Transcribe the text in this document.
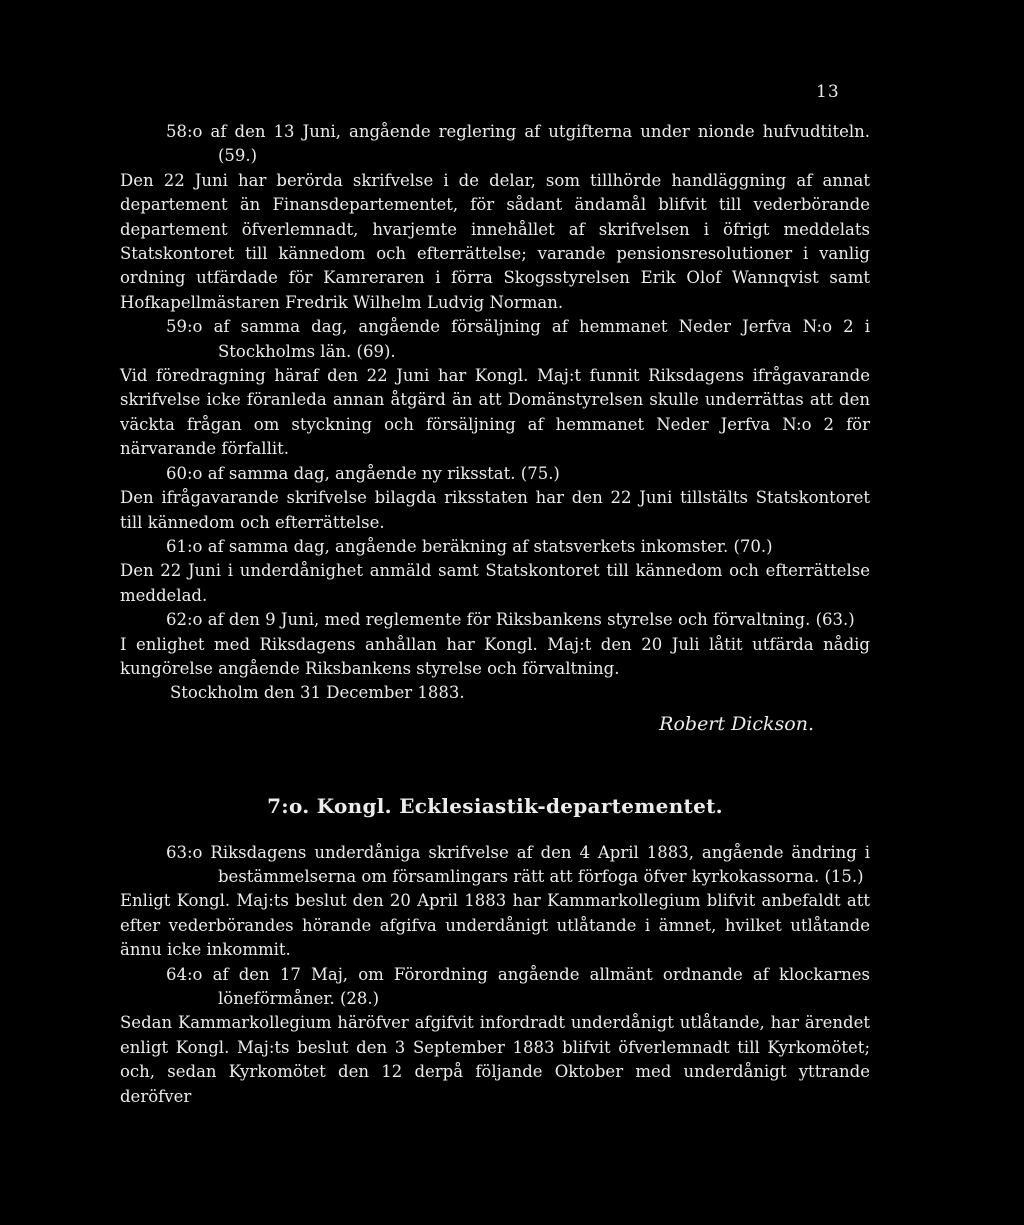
13

58:o af den 13 Juni, angående reglering af utgifterna under nionde hufvudtiteln. (59.)

Den 22 Juni har berörda skrifvelse i de delar, som tillhörde handläggning af annat departement än Finansdepartementet, för sådant ändamål blifvit till vederbörande departement öfverlemnadt, hvarjemte innehållet af skrifvelsen i öfrigt meddelats Statskontoret till kännedom och efterrättelse; varande pensionsresolutioner i vanlig ordning utfärdade för Kamreraren i förra Skogsstyrelsen Erik Olof Wannqvist samt Hofkapellmästaren Fredrik Wilhelm Ludvig Norman.

59:o af samma dag, angående försäljning af hemmanet Neder Jerfva N:o 2 i Stockholms län. (69).

Vid föredragning häraf den 22 Juni har Kongl. Maj:t funnit Riksdagens ifrågavarande skrifvelse icke föranleda annan åtgärd än att Domänstyrelsen skulle underrättas att den väckta frågan om styckning och försäljning af hemmanet Neder Jerfva N:o 2 för närvarande förfallit.

60:o af samma dag, angående ny riksstat. (75.)

Den ifrågavarande skrifvelse bilagda riksstaten har den 22 Juni tillstälts Statskontoret till kännedom och efterrättelse.

61:o af samma dag, angående beräkning af statsverkets inkomster. (70.)

Den 22 Juni i underdånighet anmäld samt Statskontoret till kännedom och efterrättelse meddelad.

62:o af den 9 Juni, med reglemente för Riksbankens styrelse och förvaltning. (63.)

I enlighet med Riksdagens anhållan har Kongl. Maj:t den 20 Juli låtit utfärda nådig kungörelse angående Riksbankens styrelse och förvaltning.

Stockholm den 31 December 1883.

Robert Dickson.

7:o. Kongl. Ecklesiastik-departementet.

63:o Riksdagens underdåniga skrifvelse af den 4 April 1883, angående ändring i bestämmelserna om församlingars rätt att förfoga öfver kyrkokassorna. (15.)

Enligt Kongl. Maj:ts beslut den 20 April 1883 har Kammarkollegium blifvit anbefaldt att efter vederbörandes hörande afgifva underdånigt utlåtande i ämnet, hvilket utlåtande ännu icke inkommit.

64:o af den 17 Maj, om Förordning angående allmänt ordnande af klockarnes löneförmåner. (28.)

Sedan Kammarkollegium häröfver afgifvit infordradt underdånigt utlåtande, har ärendet enligt Kongl. Maj:ts beslut den 3 September 1883 blifvit öfverlemnadt till Kyrkomötet; och, sedan Kyrkomötet den 12 derpå följande Oktober med underdånigt yttrande deröfver
